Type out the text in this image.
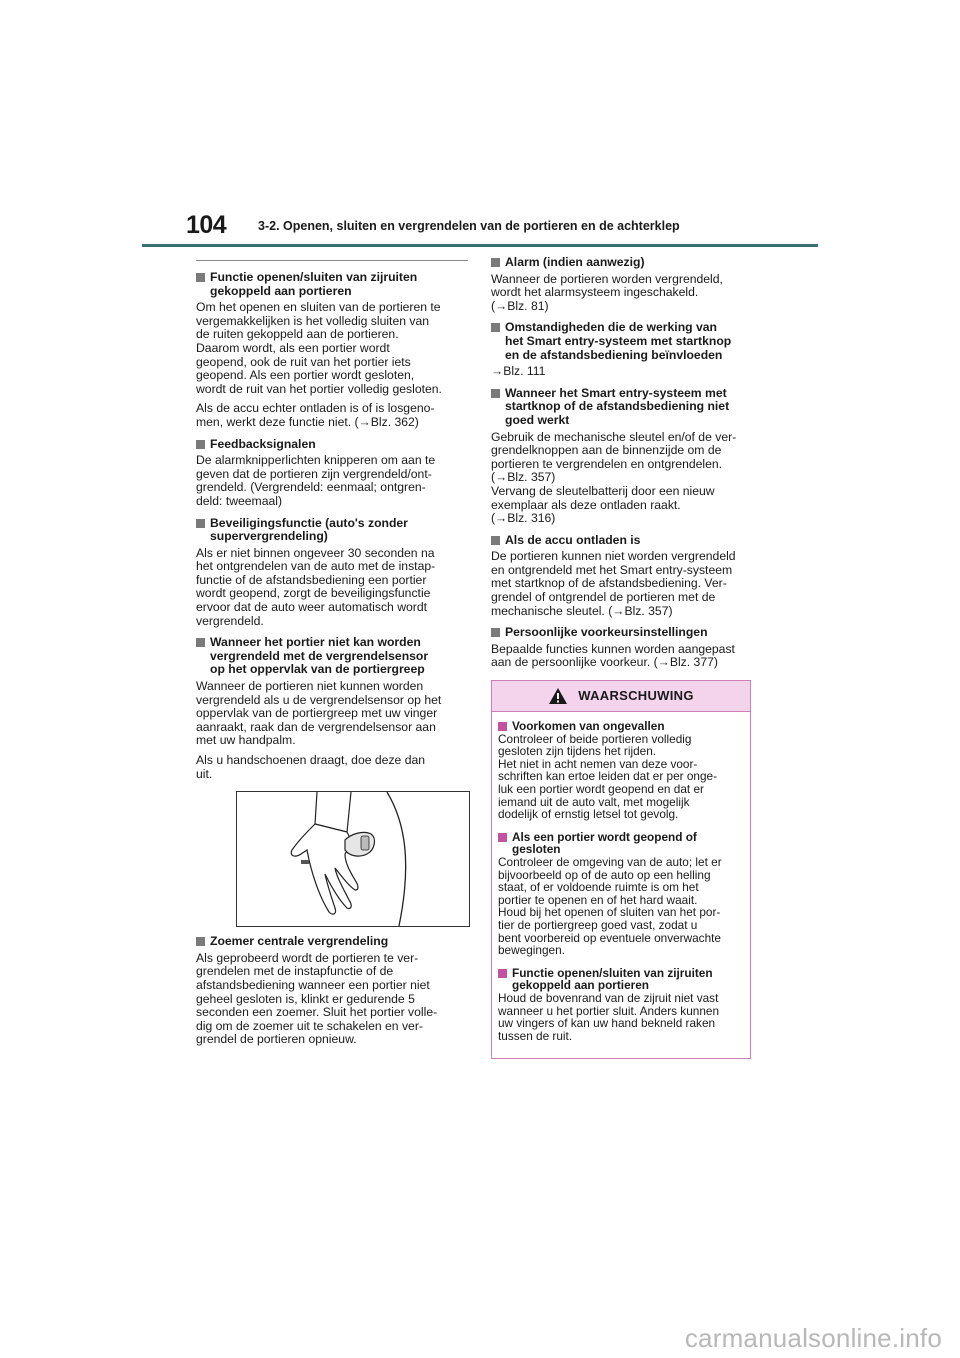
104	3-2. Openen, sluiten en vergrendelen van de portieren en de achterklep
Functie openen/sluiten van zijruiten
gekoppeld aan portieren
Om het openen en sluiten van de portieren te
vergemakkelijken is het volledig sluiten van
de ruiten gekoppeld aan de portieren.
Daarom wordt, als een portier wordt
geopend, ook de ruit van het portier iets
geopend. Als een portier wordt gesloten,
wordt de ruit van het portier volledig gesloten.
Als de accu echter ontladen is of is losgeno-
men, werkt deze functie niet. (→Blz. 362)
Feedbacksignalen
De alarmknipperlichten knipperen om aan te
geven dat de portieren zijn vergrendeld/ont-
grendeld. (Vergrendeld: eenmaal; ontgren-
deld: tweemaal)
Beveiligingsfunctie (auto's zonder
supervergrendeling)
Als er niet binnen ongeveer 30 seconden na
het ontgrendelen van de auto met de instap-
functie of de afstandsbediening een portier
wordt geopend, zorgt de beveiligingsfunctie
ervoor dat de auto weer automatisch wordt
vergrendeld.
Wanneer het portier niet kan worden
vergrendeld met de vergrendelsensor
op het oppervlak van de portiergreep
Wanneer de portieren niet kunnen worden
vergrendeld als u de vergrendelsensor op het
oppervlak van de portiergreep met uw vinger
aanraakt, raak dan de vergrendelsensor aan
met uw handpalm.
Als u handschoenen draagt, doe deze dan
uit.
Zoemer centrale vergrendeling
Als geprobeerd wordt de portieren te ver-
grendelen met de instapfunctie of de
afstandsbediening wanneer een portier niet
geheel gesloten is, klinkt er gedurende 5
seconden een zoemer. Sluit het portier volle-
dig om de zoemer uit te schakelen en ver-
grendel de portieren opnieuw.
Alarm (indien aanwezig)
Wanneer de portieren worden vergrendeld,
wordt het alarmsysteem ingeschakeld.
(→Blz. 81)
Omstandigheden die de werking van
het Smart entry-systeem met startknop
en de afstandsbediening beïnvloeden
→Blz. 111
Wanneer het Smart entry-systeem met
startknop of de afstandsbediening niet
goed werkt
Gebruik de mechanische sleutel en/of de ver-
grendelknoppen aan de binnenzijde om de
portieren te vergrendelen en ontgrendelen.
(→Blz. 357)
Vervang de sleutelbatterij door een nieuw
exemplaar als deze ontladen raakt.
(→Blz. 316)
Als de accu ontladen is
De portieren kunnen niet worden vergrendeld
en ontgrendeld met het Smart entry-systeem
met startknop of de afstandsbediening. Ver-
grendel of ontgrendel de portieren met de
mechanische sleutel. (→Blz. 357)
Persoonlijke voorkeursinstellingen
Bepaalde functies kunnen worden aangepast
aan de persoonlijke voorkeur. (→Blz. 377)
WAARSCHUWING
Voorkomen van ongevallen
Controleer of beide portieren volledig
gesloten zijn tijdens het rijden.
Het niet in acht nemen van deze voor-
schriften kan ertoe leiden dat er per onge-
luk een portier wordt geopend en dat er
iemand uit de auto valt, met mogelijk
dodelijk of ernstig letsel tot gevolg.
Als een portier wordt geopend of
gesloten
Controleer de omgeving van de auto; let er
bijvoorbeeld op of de auto op een helling
staat, of er voldoende ruimte is om het
portier te openen en of het hard waait.
Houd bij het openen of sluiten van het por-
tier de portiergreep goed vast, zodat u
bent voorbereid op eventuele onverwachte
bewegingen.
Functie openen/sluiten van zijruiten
gekoppeld aan portieren
Houd de bovenrand van de zijruit niet vast
wanneer u het portier sluit. Anders kunnen
uw vingers of kan uw hand bekneld raken
tussen de ruit.
carmanualsonline.info
